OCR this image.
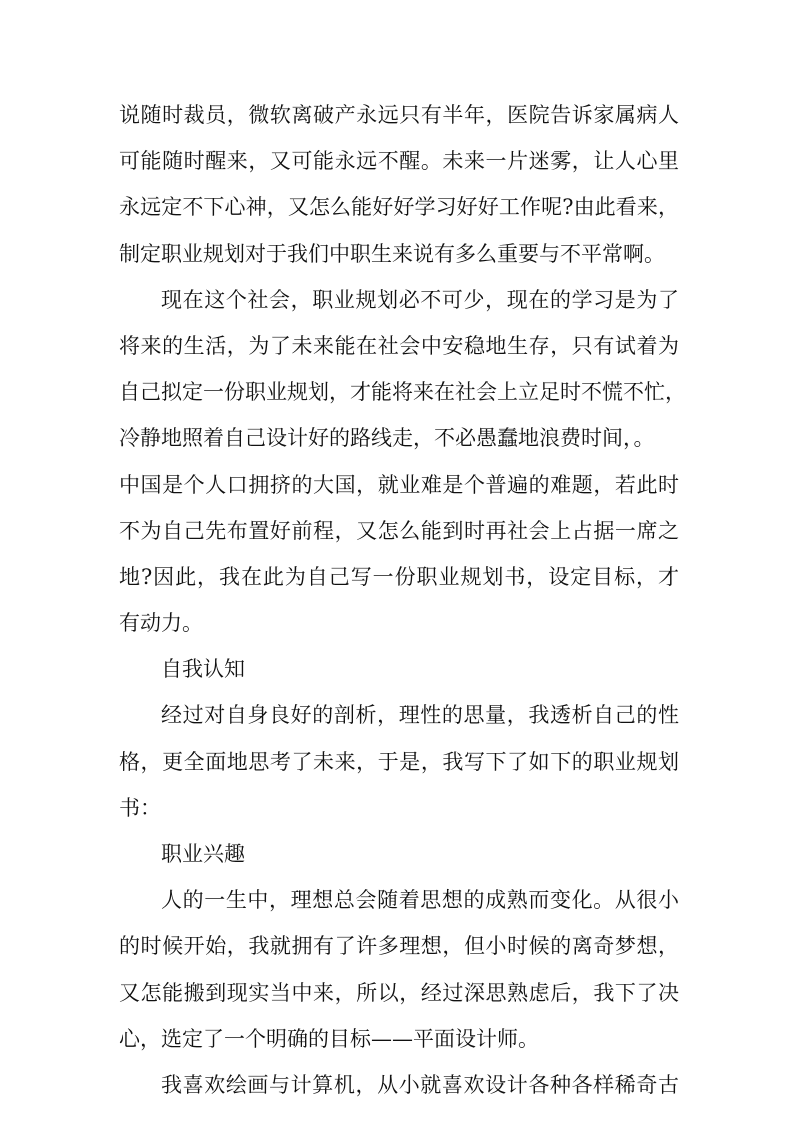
说随时裁员，微软离破产永远只有半年，医院告诉家属病人
可能随时醒来，又可能永远不醒。未来一片迷雾，让人心里
永远定不下心神，又怎么能好好学习好好工作呢?由此看来，
制定职业规划对于我们中职生来说有多么重要与不平常啊。
现在这个社会，职业规划必不可少，现在的学习是为了
将来的生活，为了未来能在社会中安稳地生存，只有试着为
自己拟定一份职业规划，才能将来在社会上立足时不慌不忙，
冷静地照着自己设计好的路线走，不必愚蠢地浪费时间，。
中国是个人口拥挤的大国，就业难是个普遍的难题，若此时
不为自己先布置好前程，又怎么能到时再社会上占据一席之
地?因此，我在此为自己写一份职业规划书，设定目标，才
有动力。
自我认知
经过对自身良好的剖析，理性的思量，我透析自己的性
格，更全面地思考了未来，于是，我写下了如下的职业规划
书：
职业兴趣
人的一生中，理想总会随着思想的成熟而变化。从很小
的时候开始，我就拥有了许多理想，但小时候的离奇梦想，
又怎能搬到现实当中来，所以，经过深思熟虑后，我下了决
心，选定了一个明确的目标——平面设计师。
我喜欢绘画与计算机，从小就喜欢设计各种各样稀奇古
